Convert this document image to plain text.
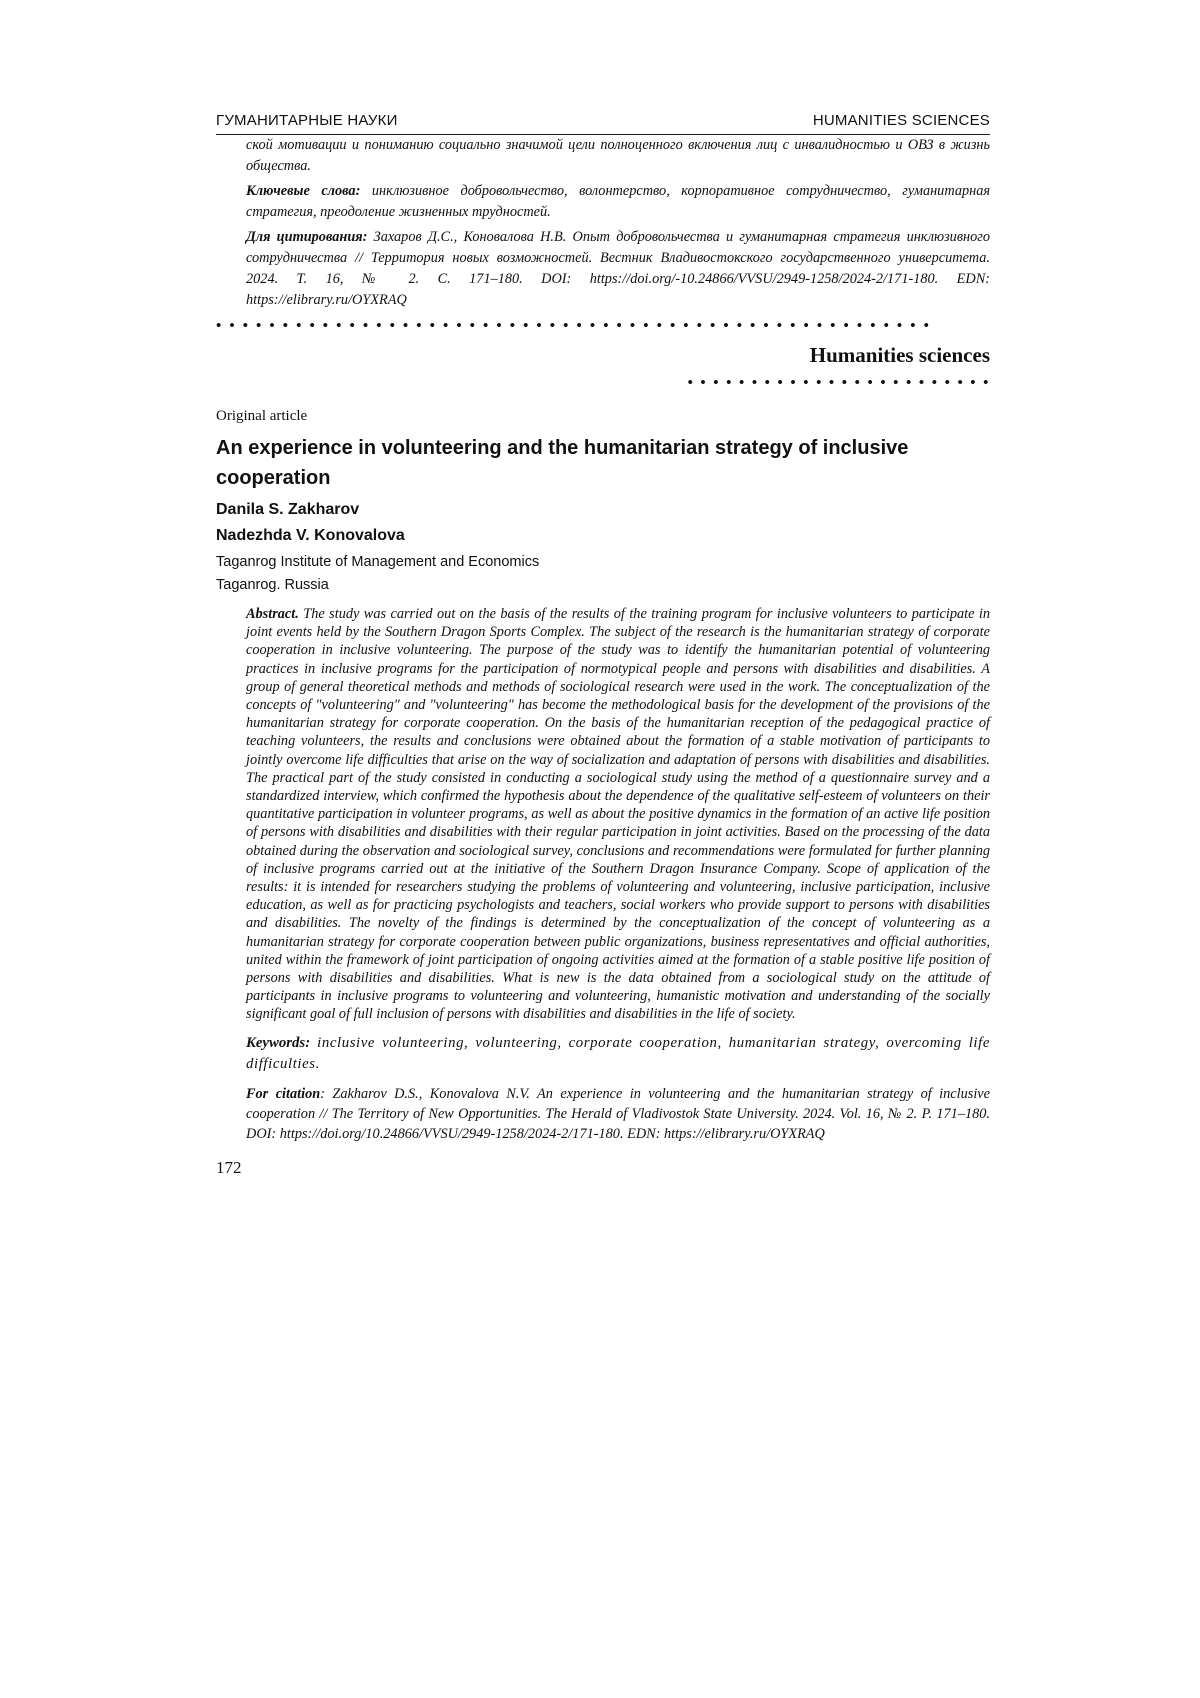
ГУМАНИТАРНЫЕ НАУКИ	HUMANITIES SCIENCES

ской мотивации и пониманию социально значимой цели полноценного включения лиц с инвалидностью и ОВЗ в жизнь общества.

Ключевые слова: инклюзивное добровольчество, волонтерство, корпоративное сотрудничество, гуманитарная стратегия, преодоление жизненных трудностей.

Для цитирования: Захаров Д.С., Коновалова Н.В. Опыт добровольчества и гуманитарная стратегия инклюзивного сотрудничества // Территория новых возможностей. Вестник Владивостокского государственного университета. 2024. Т. 16, № 2. С. 171–180. DOI: https://doi.org/-10.24866/VVSU/2949-1258/2024-2/171-180. EDN: https://elibrary.ru/OYXRAQ

••••••••••••••••••••••••••••••••••••••••••••••••••••••
Humanities sciences
••••••••••••••••••••••••
Original article
An experience in volunteering and the humanitarian strategy of inclusive cooperation
Danila S. Zakharov
Nadezhda V. Konovalova
Taganrog Institute of Management and Economics
Taganrog. Russia
Abstract. The study was carried out on the basis of the results of the training program for inclusive volunteers to participate in joint events held by the Southern Dragon Sports Complex. The subject of the research is the humanitarian strategy of corporate cooperation in inclusive volunteering. The purpose of the study was to identify the humanitarian potential of volunteering practices in inclusive programs for the participation of normotypical people and persons with disabilities and disabilities. A group of general theoretical methods and methods of sociological research were used in the work. The conceptualization of the concepts of "volunteering" and "volunteering" has become the methodological basis for the development of the provisions of the humanitarian strategy for corporate cooperation. On the basis of the humanitarian reception of the pedagogical practice of teaching volunteers, the results and conclusions were obtained about the formation of a stable motivation of participants to jointly overcome life difficulties that arise on the way of socialization and adaptation of persons with disabilities and disabilities. The practical part of the study consisted in conducting a sociological study using the method of a questionnaire survey and a standardized interview, which confirmed the hypothesis about the dependence of the qualitative self-esteem of volunteers on their quantitative participation in volunteer programs, as well as about the positive dynamics in the formation of an active life position of persons with disabilities and disabilities with their regular participation in joint activities. Based on the processing of the data obtained during the observation and sociological survey, conclusions and recommendations were formulated for further planning of inclusive programs carried out at the initiative of the Southern Dragon Insurance Company. Scope of application of the results: it is intended for researchers studying the problems of volunteering and volunteering, inclusive participation, inclusive education, as well as for practicing psychologists and teachers, social workers who provide support to persons with disabilities and disabilities. The novelty of the findings is determined by the conceptualization of the concept of volunteering as a humanitarian strategy for corporate cooperation between public organizations, business representatives and official authorities, united within the framework of joint participation of ongoing activities aimed at the formation of a stable positive life position of persons with disabilities and disabilities. What is new is the data obtained from a sociological study on the attitude of participants in inclusive programs to volunteering and volunteering, humanistic motivation and understanding of the socially significant goal of full inclusion of persons with disabilities and disabilities in the life of society.
Keywords: inclusive volunteering, volunteering, corporate cooperation, humanitarian strategy, overcoming life difficulties.
For citation: Zakharov D.S., Konovalova N.V. An experience in volunteering and the humanitarian strategy of inclusive cooperation // The Territory of New Opportunities. The Herald of Vladivostok State University. 2024. Vol. 16, № 2. P. 171–180. DOI: https://doi.org/10.24866/VVSU/2949-1258/2024-2/171-180. EDN: https://elibrary.ru/OYXRAQ
172
